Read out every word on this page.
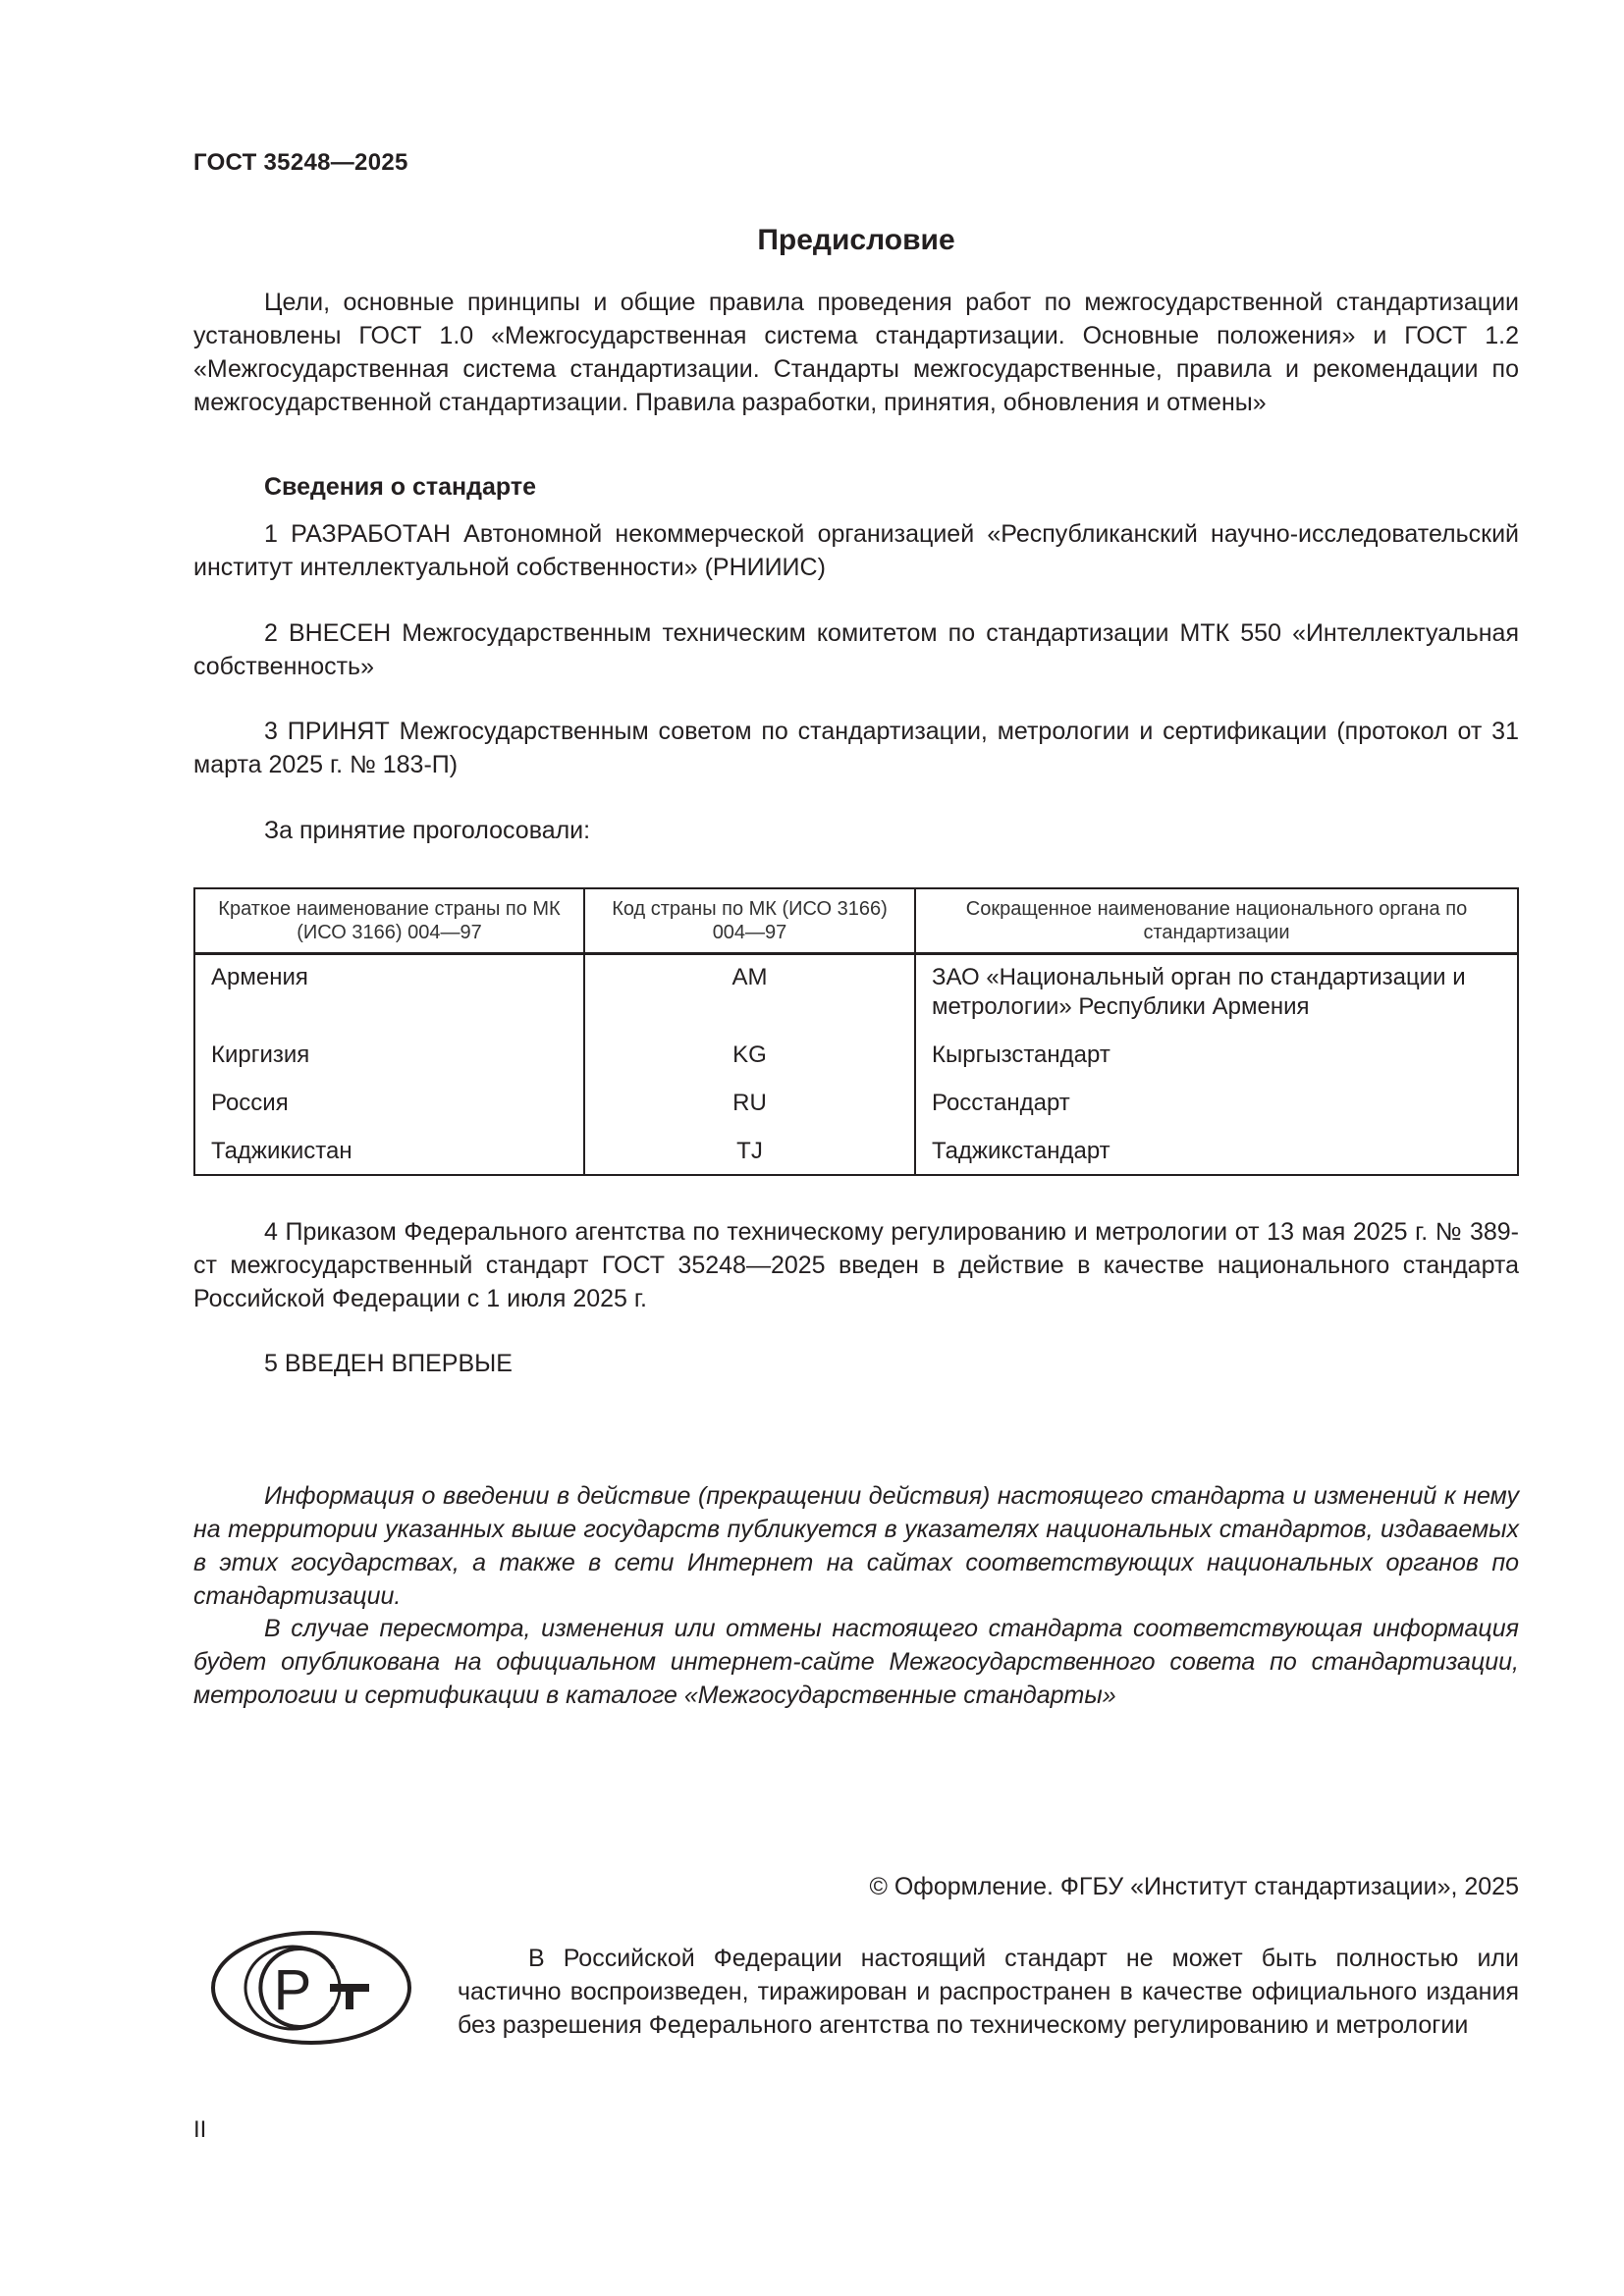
ГОСТ 35248—2025
Предисловие

Цели, основные принципы и общие правила проведения работ по межгосударственной стандартизации установлены ГОСТ 1.0 «Межгосударственная система стандартизации. Основные положения» и ГОСТ 1.2 «Межгосударственная система стандартизации. Стандарты межгосударственные, правила и рекомендации по межгосударственной стандартизации. Правила разработки, принятия, обновления и отмены»

Сведения о стандарте

1 РАЗРАБОТАН Автономной некоммерческой организацией «Республиканский научно-исследовательский институт интеллектуальной собственности» (РНИИИС)

2 ВНЕСЕН Межгосударственным техническим комитетом по стандартизации МТК 550 «Интеллектуальная собственность»

3 ПРИНЯТ Межгосударственным советом по стандартизации, метрологии и сертификации (протокол от 31 марта 2025 г. № 183-П)

За принятие проголосовали:

Краткое наименование страны по МК (ИСО 3166) 004—97	Код страны по МК (ИСО 3166) 004—97	Сокращенное наименование национального органа по стандартизации
Армения	AM	ЗАО «Национальный орган по стандартизации и метрологии» Республики Армения
Киргизия	KG	Кыргызстандарт
Россия	RU	Росстандарт
Таджикистан	TJ	Таджикстандарт

4 Приказом Федерального агентства по техническому регулированию и метрологии от 13 мая 2025 г. № 389-ст межгосударственный стандарт ГОСТ 35248—2025 введен в действие в качестве национального стандарта Российской Федерации с 1 июля 2025 г.

5 ВВЕДЕН ВПЕРВЫЕ

Информация о введении в действие (прекращении действия) настоящего стандарта и изменений к нему на территории указанных выше государств публикуется в указателях национальных стандартов, издаваемых в этих государствах, а также в сети Интернет на сайтах соответствующих национальных органов по стандартизации.

В случае пересмотра, изменения или отмены настоящего стандарта соответствующая информация будет опубликована на официальном интернет-сайте Межгосударственного совета по стандартизации, метрологии и сертификации в каталоге «Межгосударственные стандарты»

© Оформление. ФГБУ «Институт стандартизации», 2025
Р	В Российской Федерации настоящий стандарт не может быть полностью или частично воспроизведен, тиражирован и распространен в качестве официального издания без разрешения Федерального агентства по техническому регулированию и метрологии

II
